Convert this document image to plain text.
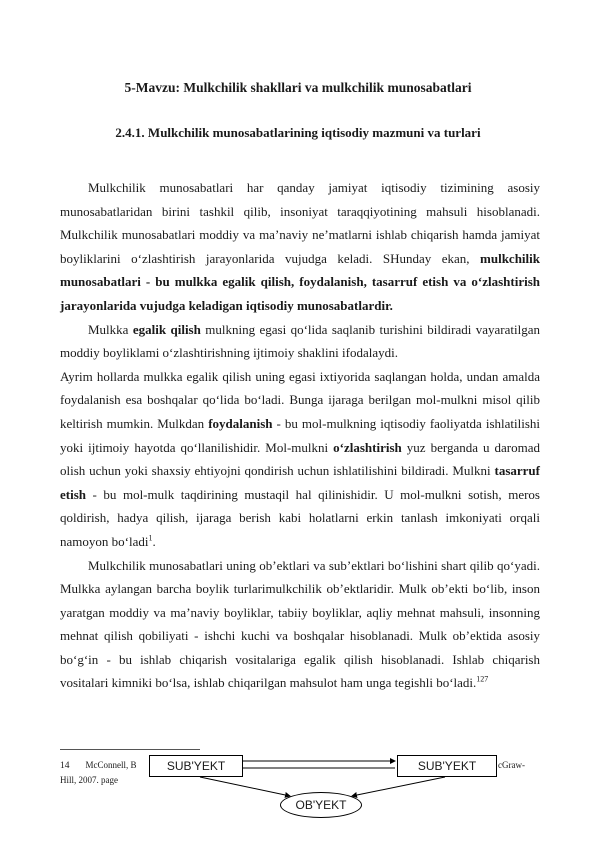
5-Mavzu: Mulkchilik shakllari va mulkchilik munosabatlari
2.4.1. Mulkchilik munosabatlarining iqtisodiy mazmuni va turlari

Mulkchilik munosabatlari har qanday jamiyat iqtisodiy tizimining asosiy munosabatlaridan birini tashkil qilib, insoniyat taraqqiyotining mahsuli hisoblanadi. Mulkchilik munosabatlari moddiy va ma’naviy ne’matlarni ishlab chiqarish hamda jamiyat boyliklarini o‘zlashtirish jarayonlarida vujudga keladi. SHunday ekan, mulkchilik munosabatlari - bu mulkka egalik qilish, foydalanish, tasarruf etish va o‘zlashtirish jarayonlarida vujudga keladigan iqtisodiy munosabatlardir.

Mulkka egalik qilish mulkning egasi qo‘lida saqlanib turishini bildiradi vayaratilgan moddiy boyliklami o‘zlashtirishning ijtimoiy shaklini ifodalaydi.

Ayrim hollarda mulkka egalik qilish uning egasi ixtiyorida saqlangan holda, undan amalda foydalanish esa boshqalar qo‘lida bo‘ladi. Bunga ijaraga berilgan mol-mulkni misol qilib keltirish mumkin. Mulkdan foydalanish - bu mol-mulkning iqtisodiy faoliyatda ishlatilishi yoki ijtimoiy hayotda qo‘llanilishidir. Mol-mulkni o‘zlashtirish yuz berganda u daromad olish uchun yoki shaxsiy ehtiyojni qondirish uchun ishlatilishini bildiradi. Mulkni tasarruf etish - bu mol-mulk taqdirining mustaqil hal qilinishidir. U mol-mulkni sotish, meros qoldirish, hadya qilish, ijaraga berish kabi holatlarni erkin tanlash imkoniyati orqali namoyon bo‘ladi$^1$.

Mulkchilik munosabatlari uning ob’ektlari va sub’ektlari bo‘lishini shart qilib qo‘yadi. Mulkka aylangan barcha boylik turlarimulkchilik ob’ektlaridir. Mulk ob’ekti bo‘lib, inson yaratgan moddiy va ma’naviy boyliklar, tabiiy boyliklar, aqliy mehnat mahsuli, insonning mehnat qilish qobiliyati - ishchi kuchi va boshqalar hisoblanadi. Mulk ob’ektida asosiy bo‘g‘in - bu ishlab chiqarish vositalariga egalik qilish hisoblanadi. Ishlab chiqarish vositalari kimniki bo‘lsa, ishlab chiqarilgan mahsulot ham unga tegishli bo‘ladi.$^{127}$

14 McConnell, B	cGraw-
Hill, 2007. page
SUB'YEKT	SUB'YEKT
OB'YEKT
